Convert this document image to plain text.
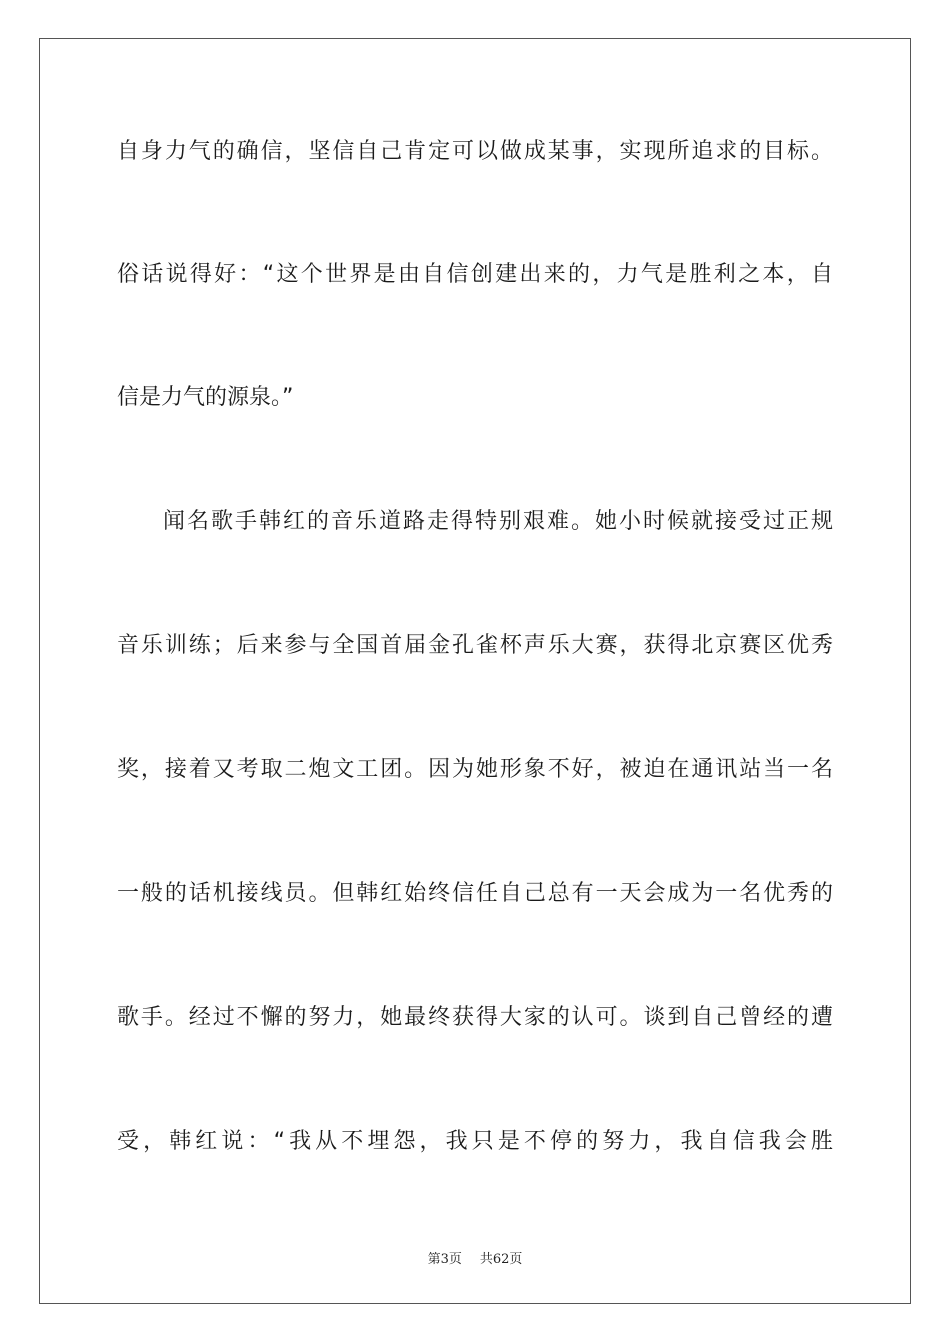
自身力气的确信，坚信自己肯定可以做成某事，实现所追求的目标。
俗话说得好：“这个世界是由自信创建出来的，力气是胜利之本，自
信是力气的源泉。”
闻名歌手韩红的音乐道路走得特别艰难。她小时候就接受过正规
音乐训练；后来参与全国首届金孔雀杯声乐大赛，获得北京赛区优秀
奖，接着又考取二炮文工团。因为她形象不好，被迫在通讯站当一名
一般的话机接线员。但韩红始终信任自己总有一天会成为一名优秀的
歌手。经过不懈的努力，她最终获得大家的认可。谈到自己曾经的遭
受，韩红说：“我从不埋怨，我只是不停的努力，我自信我会胜
第3页 共62页
